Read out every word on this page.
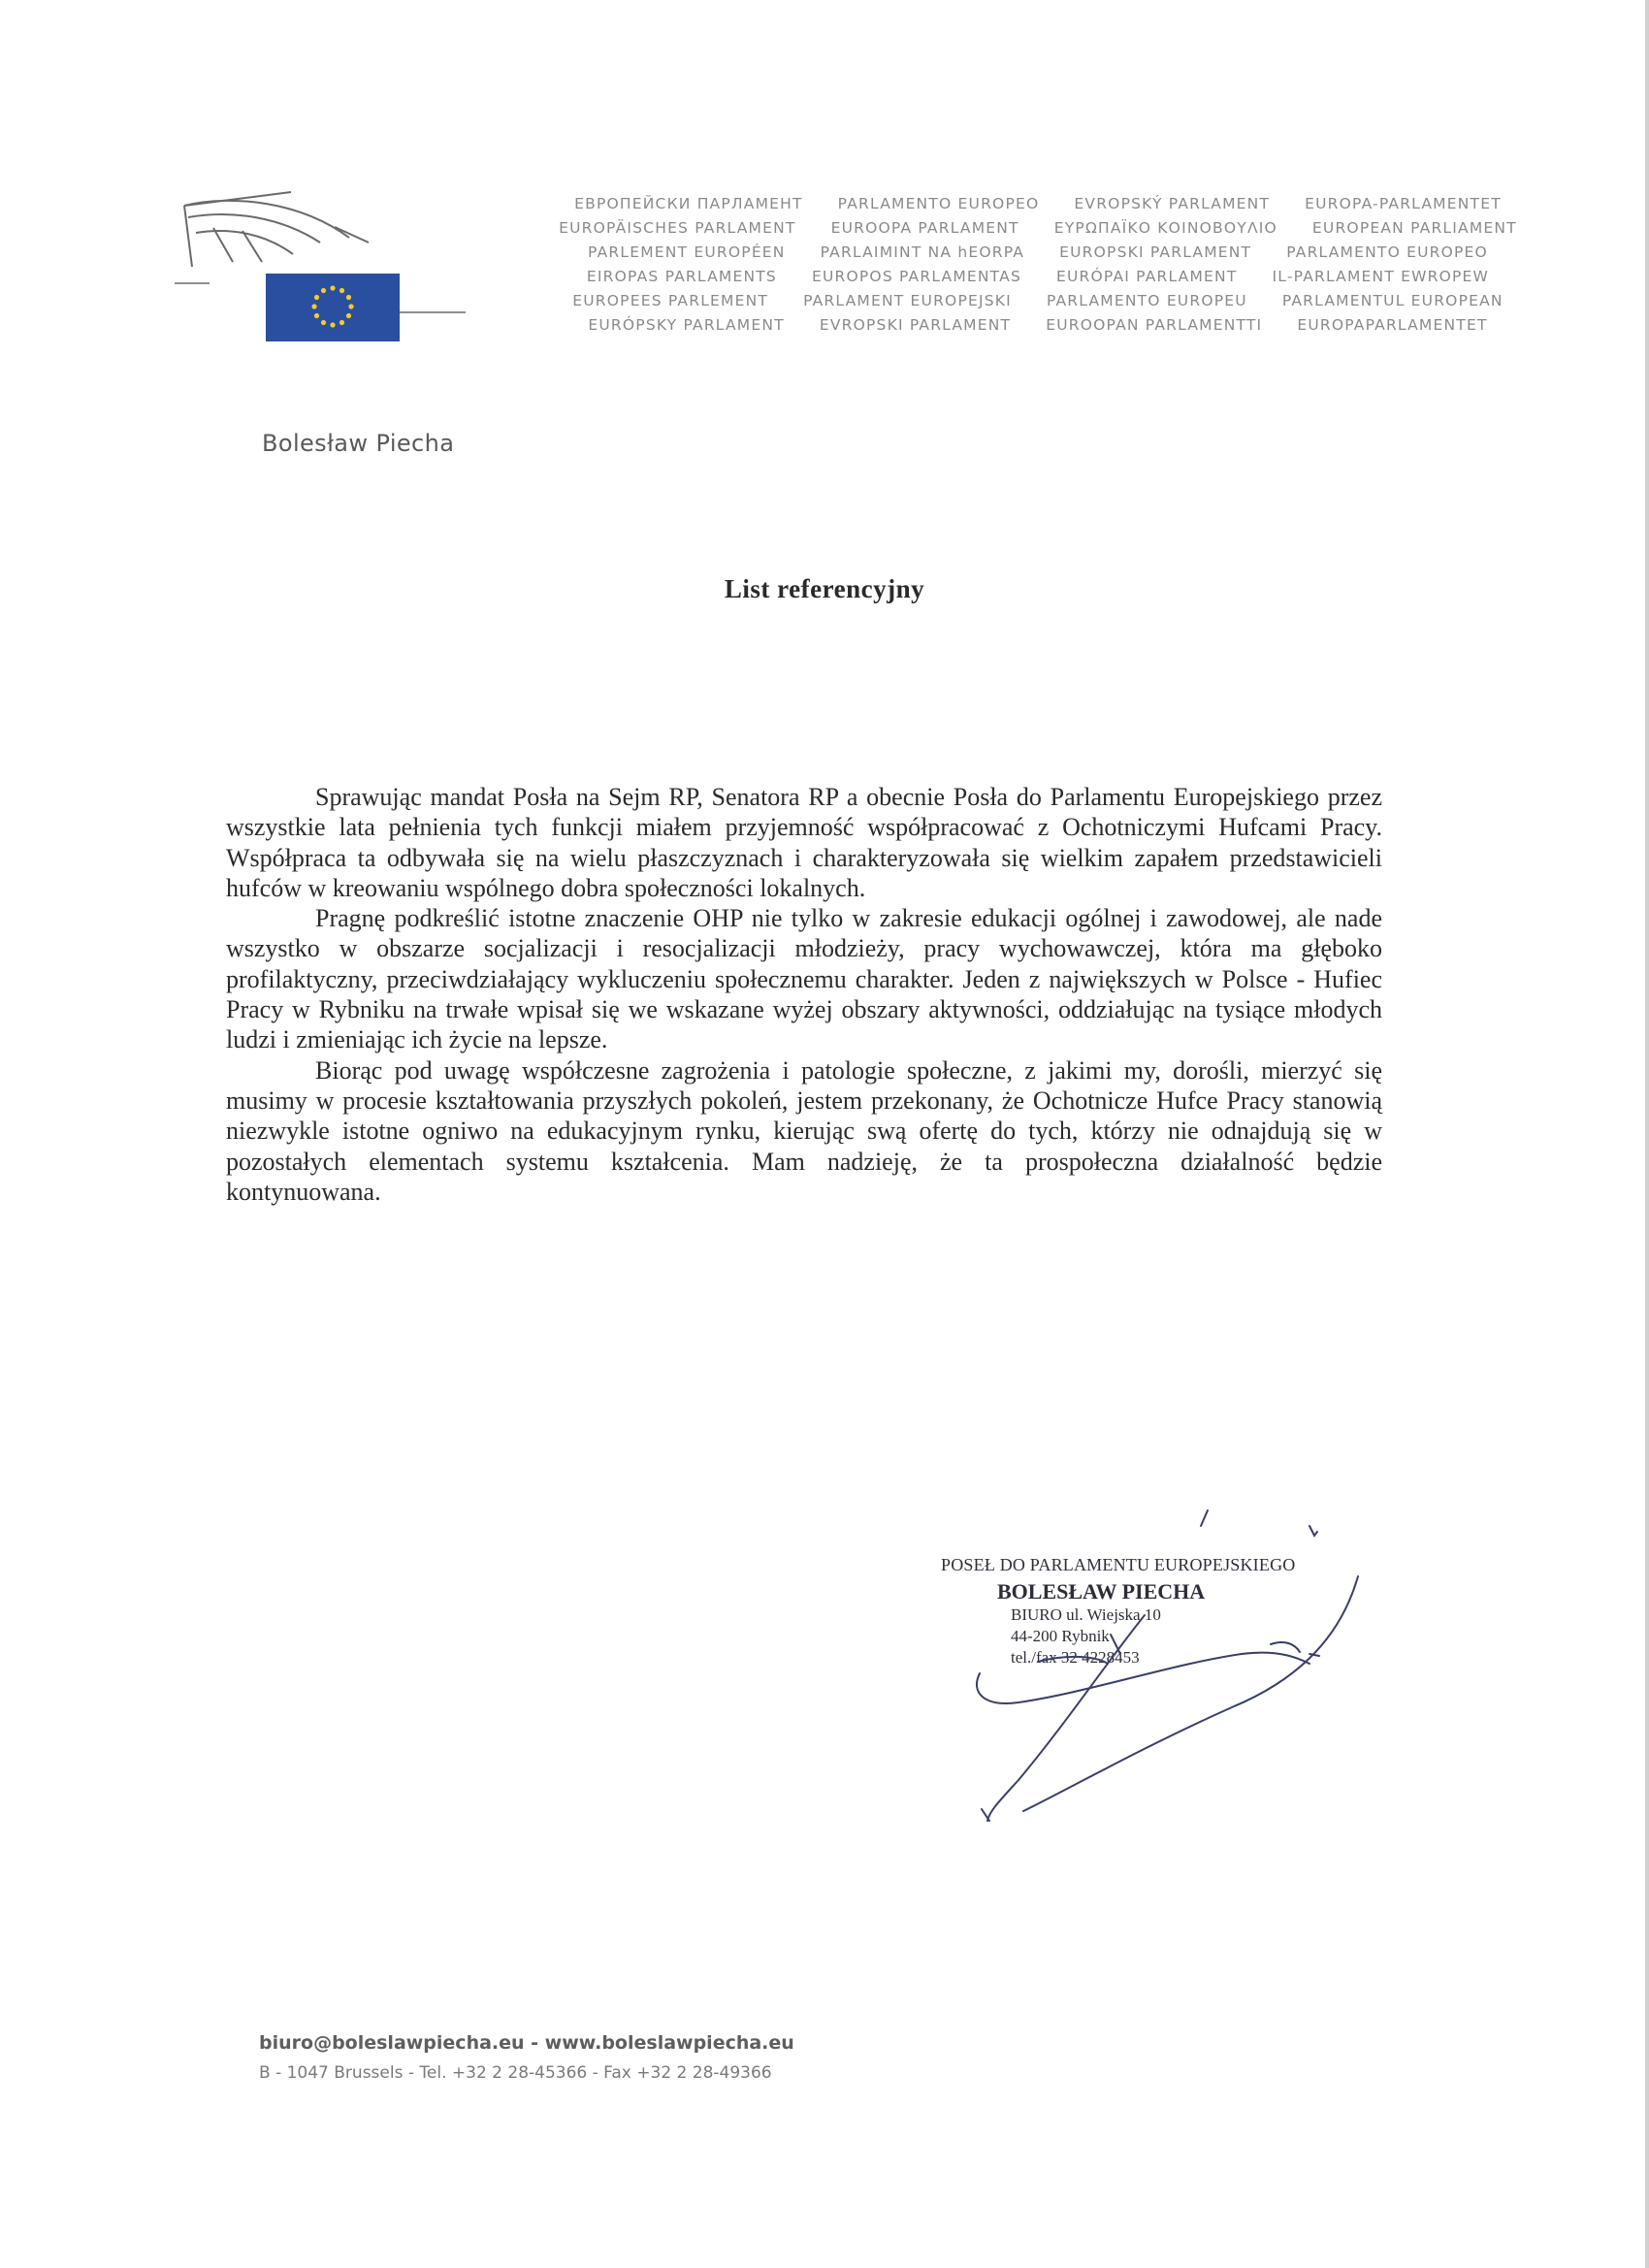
ЕВРОПЕЙСКИ ПАРЛАМЕНТ PARLAMENTO EUROPEO EVROPSKÝ PARLAMENT EUROPA-PARLAMENTET
EUROPÄISCHES PARLAMENT EUROOPA PARLAMENT ΕΥΡΩΠΑΪΚΟ ΚΟΙΝΟΒΟΥΛΙΟ EUROPEAN PARLIAMENT
PARLEMENT EUROPÉEN PARLAIMINT NA hEORPA EUROPSKI PARLAMENT PARLAMENTO EUROPEO
EIROPAS PARLAMENTS EUROPOS PARLAMENTAS EURÓPAI PARLAMENT IL-PARLAMENT EWROPEW
EUROPEES PARLEMENT PARLAMENT EUROPEJSKI PARLAMENTO EUROPEU PARLAMENTUL EUROPEAN
EURÓPSKY PARLAMENT EVROPSKI PARLAMENT EUROOPAN PARLAMENTTI EUROPAPARLAMENTET
Bolesław Piecha
List referencyjny

Sprawując mandat Posła na Sejm RP, Senatora RP a obecnie Posła do Parlamentu Europejskiego przez wszystkie lata pełnienia tych funkcji miałem przyjemność współpracować z Ochotniczymi Hufcami Pracy. Współpraca ta odbywała się na wielu płaszczyznach i charakteryzowała się wielkim zapałem przedstawicieli hufców w kreowaniu wspólnego dobra społeczności lokalnych.

Pragnę podkreślić istotne znaczenie OHP nie tylko w zakresie edukacji ogólnej i zawodowej, ale nade wszystko w obszarze socjalizacji i resocjalizacji młodzieży, pracy wychowawczej, która ma głęboko profilaktyczny, przeciwdziałający wykluczeniu społecznemu charakter. Jeden z największych w Polsce - Hufiec Pracy w Rybniku na trwałe wpisał się we wskazane wyżej obszary aktywności, oddziałując na tysiące młodych ludzi i zmieniając ich życie na lepsze.

Biorąc pod uwagę współczesne zagrożenia i patologie społeczne, z jakimi my, dorośli, mierzyć się musimy w procesie kształtowania przyszłych pokoleń, jestem przekonany, że Ochotnicze Hufce Pracy stanowią niezwykle istotne ogniwo na edukacyjnym rynku, kierując swą ofertę do tych, którzy nie odnajdują się w pozostałych elementach systemu kształcenia. Mam nadzieję, że ta prospołeczna działalność będzie kontynuowana.

POSEŁ DO PARLAMENTU EUROPEJSKIEGO
BOLESŁAW PIECHA
BIURO ul. Wiejska 10
44-200 Rybnik
tel./fax 32 4228453
biuro@boleslawpiecha.eu - www.boleslawpiecha.eu
B - 1047 Brussels - Tel. +32 2 28-45366 - Fax +32 2 28-49366
